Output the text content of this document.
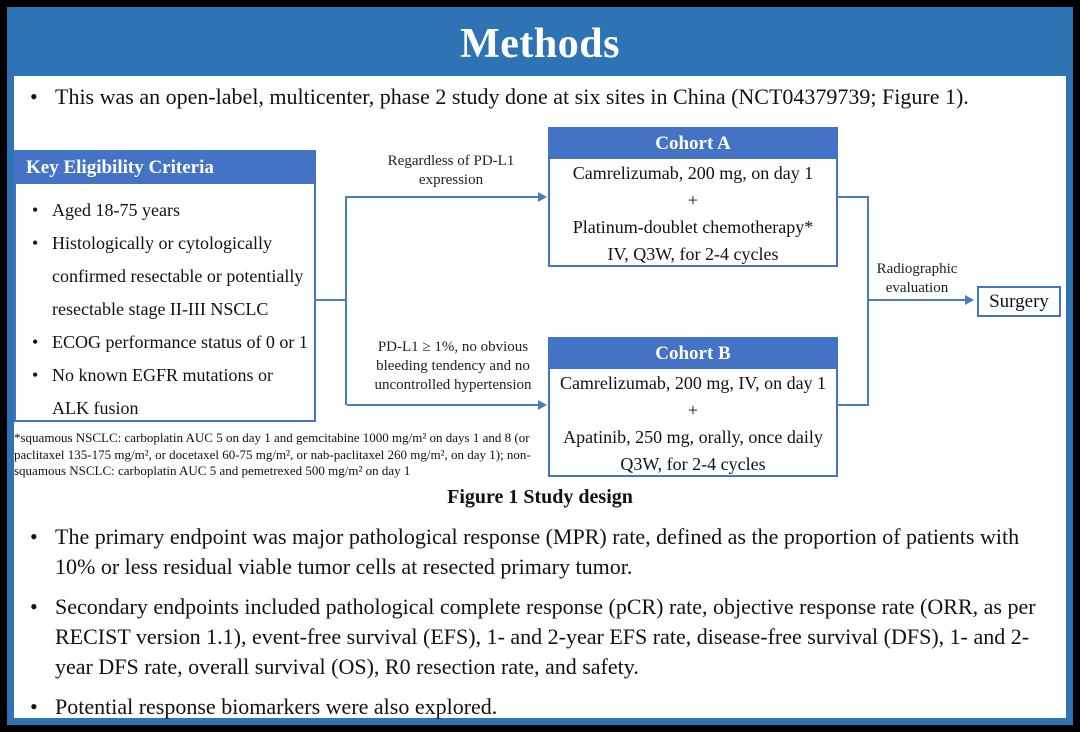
Methods
• This was an open-label, multicenter, phase 2 study done at six sites in China (NCT04379739; Figure 1).
Key Eligibility Criteria
• Aged 18-75 years
• Histologically or cytologically confirmed resectable or potentially resectable stage II-III NSCLC
• ECOG performance status of 0 or 1
• No known EGFR mutations or ALK fusion
*squamous NSCLC: carboplatin AUC 5 on day 1 and gemcitabine 1000 mg/m² on days 1 and 8 (or paclitaxel 135-175 mg/m², or docetaxel 60-75 mg/m², or nab-paclitaxel 260 mg/m², on day 1); non-squamous NSCLC: carboplatin AUC 5 and pemetrexed 500 mg/m² on day 1
Regardless of PD-L1 expression
PD-L1 ≥ 1%, no obvious bleeding tendency and no uncontrolled hypertension
Cohort A
Camrelizumab, 200 mg, on day 1
+
Platinum-doublet chemotherapy*
IV, Q3W, for 2-4 cycles
Cohort B
Camrelizumab, 200 mg, IV, on day 1
+
Apatinib, 250 mg, orally, once daily
Q3W, for 2-4 cycles
Radiographic evaluation
Surgery
Figure 1 Study design
• The primary endpoint was major pathological response (MPR) rate, defined as the proportion of patients with 10% or less residual viable tumor cells at resected primary tumor.
• Secondary endpoints included pathological complete response (pCR) rate, objective response rate (ORR, as per RECIST version 1.1), event-free survival (EFS), 1- and 2-year EFS rate, disease-free survival (DFS), 1- and 2-year DFS rate, overall survival (OS), R0 resection rate, and safety.
• Potential response biomarkers were also explored.
